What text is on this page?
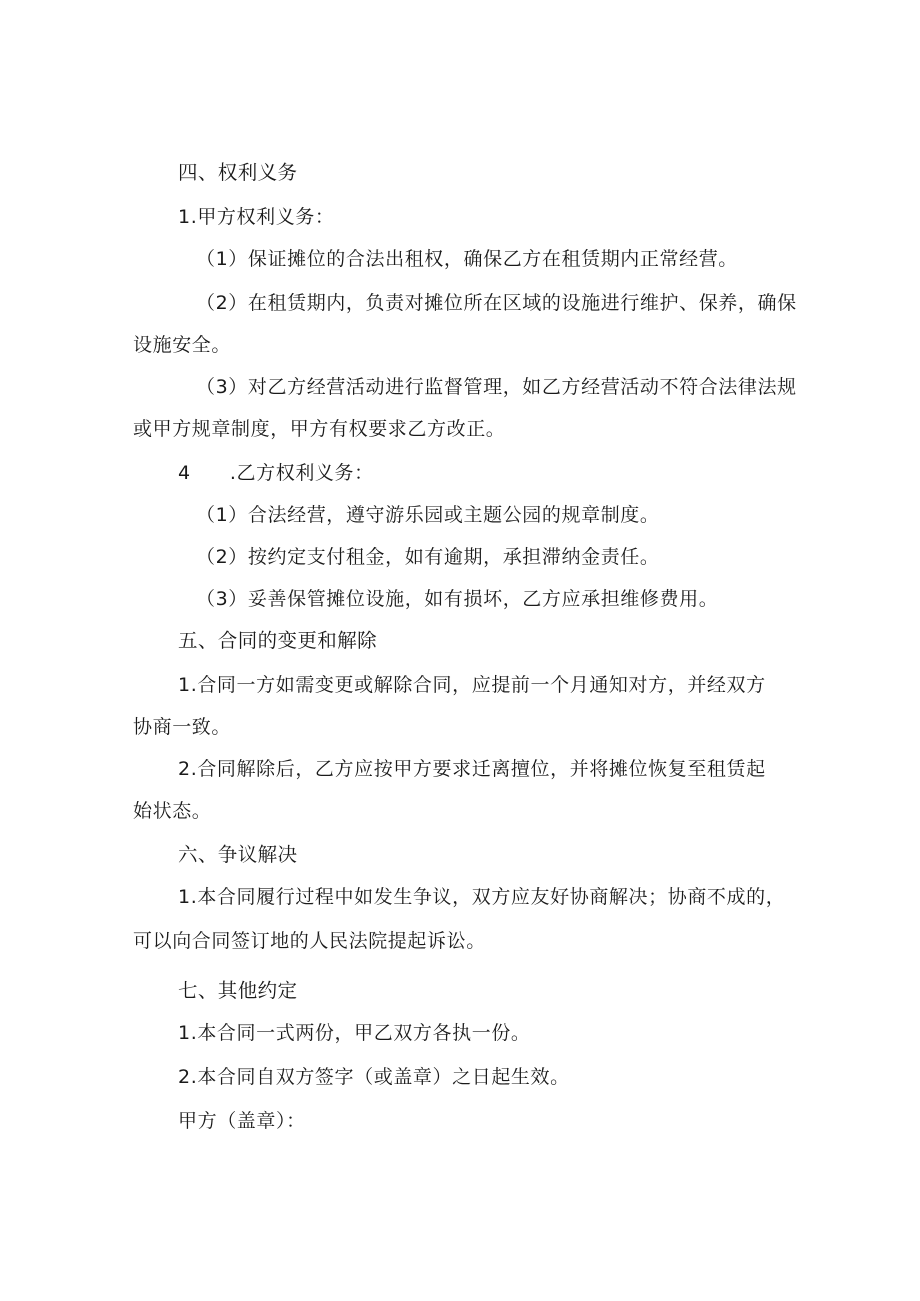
四、权利义务
1.甲方权利义务：
（1）保证摊位的合法出租权，确保乙方在租赁期内正常经营。
（2）在租赁期内，负责对摊位所在区域的设施进行维护、保养，确保
设施安全。
（3）对乙方经营活动进行监督管理，如乙方经营活动不符合法律法规
或甲方规章制度，甲方有权要求乙方改正。
4　　.乙方权利义务：
（1）合法经营，遵守游乐园或主题公园的规章制度。
（2）按约定支付租金，如有逾期，承担滞纳金责任。
（3）妥善保管摊位设施，如有损坏，乙方应承担维修费用。
五、合同的变更和解除
1.合同一方如需变更或解除合同，应提前一个月通知对方，并经双方
协商一致。
2.合同解除后，乙方应按甲方要求迁离擅位，并将摊位恢复至租赁起
始状态。
六、争议解决
1.本合同履行过程中如发生争议，双方应友好协商解决；协商不成的，
可以向合同签订地的人民法院提起诉讼。
七、其他约定
1.本合同一式两份，甲乙双方各执一份。
2.本合同自双方签字（或盖章）之日起生效。
甲方（盖章）：
